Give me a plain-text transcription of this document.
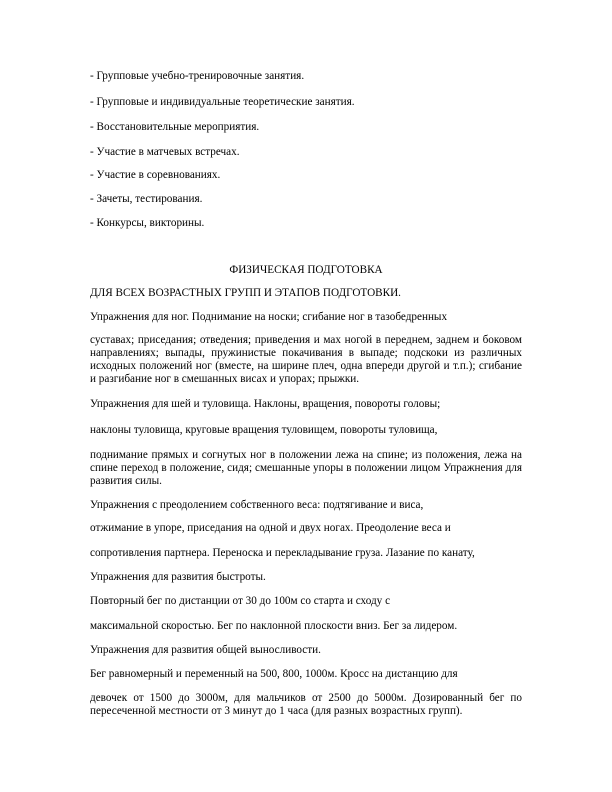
- Групповые учебно-тренировочные занятия.
- Групповые и индивидуальные теоретические занятия.
- Восстановительные мероприятия.
- Участие в матчевых встречах.
- Участие в соревнованиях.
- Зачеты, тестирования.
- Конкурсы, викторины.
ФИЗИЧЕСКАЯ ПОДГОТОВКА
ДЛЯ ВСЕХ ВОЗРАСТНЫХ ГРУПП И ЭТАПОВ ПОДГОТОВКИ.
Упражнения для ног. Поднимание на носки; сгибание ног в тазобедренных
суставах; приседания; отведения; приведения и мах ногой в переднем, заднем и боковом направлениях; выпады, пружинистые покачивания в выпаде; подскоки из различных исходных положений ног (вместе, на ширине плеч, одна впереди другой и т.п.); сгибание и разгибание ног в смешанных висах и упорах; прыжки.
Упражнения для шей и туловища. Наклоны, вращения, повороты головы;
наклоны туловища, круговые вращения туловищем, повороты туловища,
поднимание прямых и согнутых ног в положении лежа на спине; из положения, лежа на спине переход в положение, сидя; смешанные упоры в положении лицом Упражнения для развития силы.
Упражнения с преодолением собственного веса: подтягивание и виса,
отжимание в упоре, приседания на одной и двух ногах. Преодоление веса и
сопротивления партнера. Переноска и перекладывание груза. Лазание по канату,
Упражнения для развития быстроты.
Повторный бег по дистанции от 30 до 100м со старта и сходу с
максимальной скоростью. Бег по наклонной плоскости вниз. Бег за лидером.
Упражнения для развития общей выносливости.
Бег равномерный и переменный на 500, 800, 1000м. Кросс на дистанцию для
девочек от 1500 до 3000м, для мальчиков от 2500 до 5000м. Дозированный бег по пересеченной местности от 3 минут до 1 часа (для разных возрастных групп).
